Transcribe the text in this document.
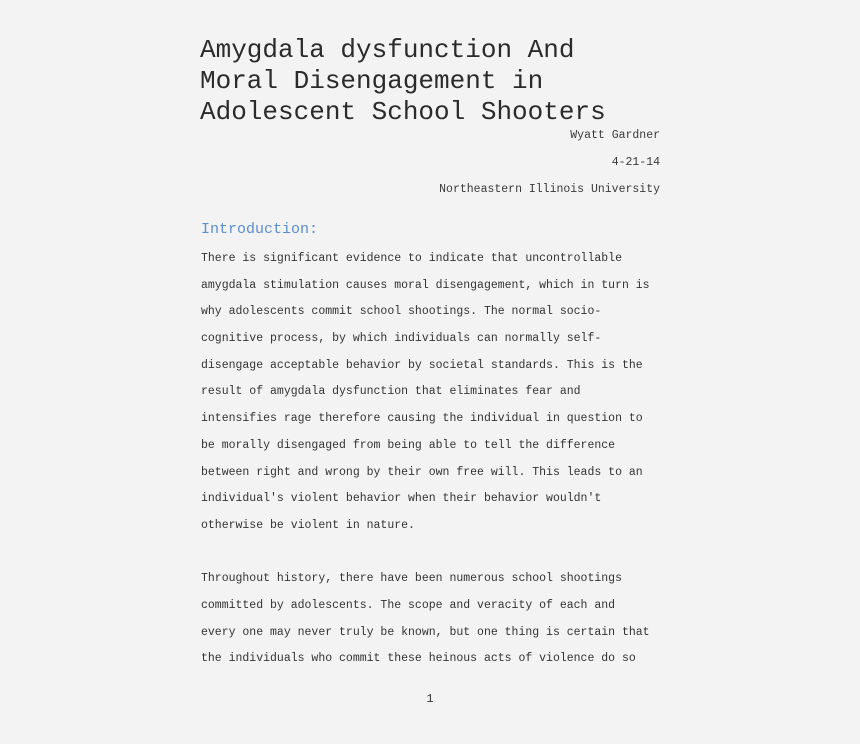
Amygdala dysfunction And
Moral Disengagement in
Adolescent School Shooters
Wyatt Gardner
4-21-14
Northeastern Illinois University
Introduction:
There is significant evidence to indicate that uncontrollable
amygdala stimulation causes moral disengagement, which in turn is
why adolescents commit school shootings. The normal socio-
cognitive process, by which individuals can normally self-
disengage acceptable behavior by societal standards. This is the
result of amygdala dysfunction that eliminates fear and
intensifies rage therefore causing the individual in question to
be morally disengaged from being able to tell the difference
between right and wrong by their own free will. This leads to an
individual's violent behavior when their behavior wouldn't
otherwise be violent in nature.
Throughout history, there have been numerous school shootings
committed by adolescents. The scope and veracity of each and
every one may never truly be known, but one thing is certain that
the individuals who commit these heinous acts of violence do so
1
